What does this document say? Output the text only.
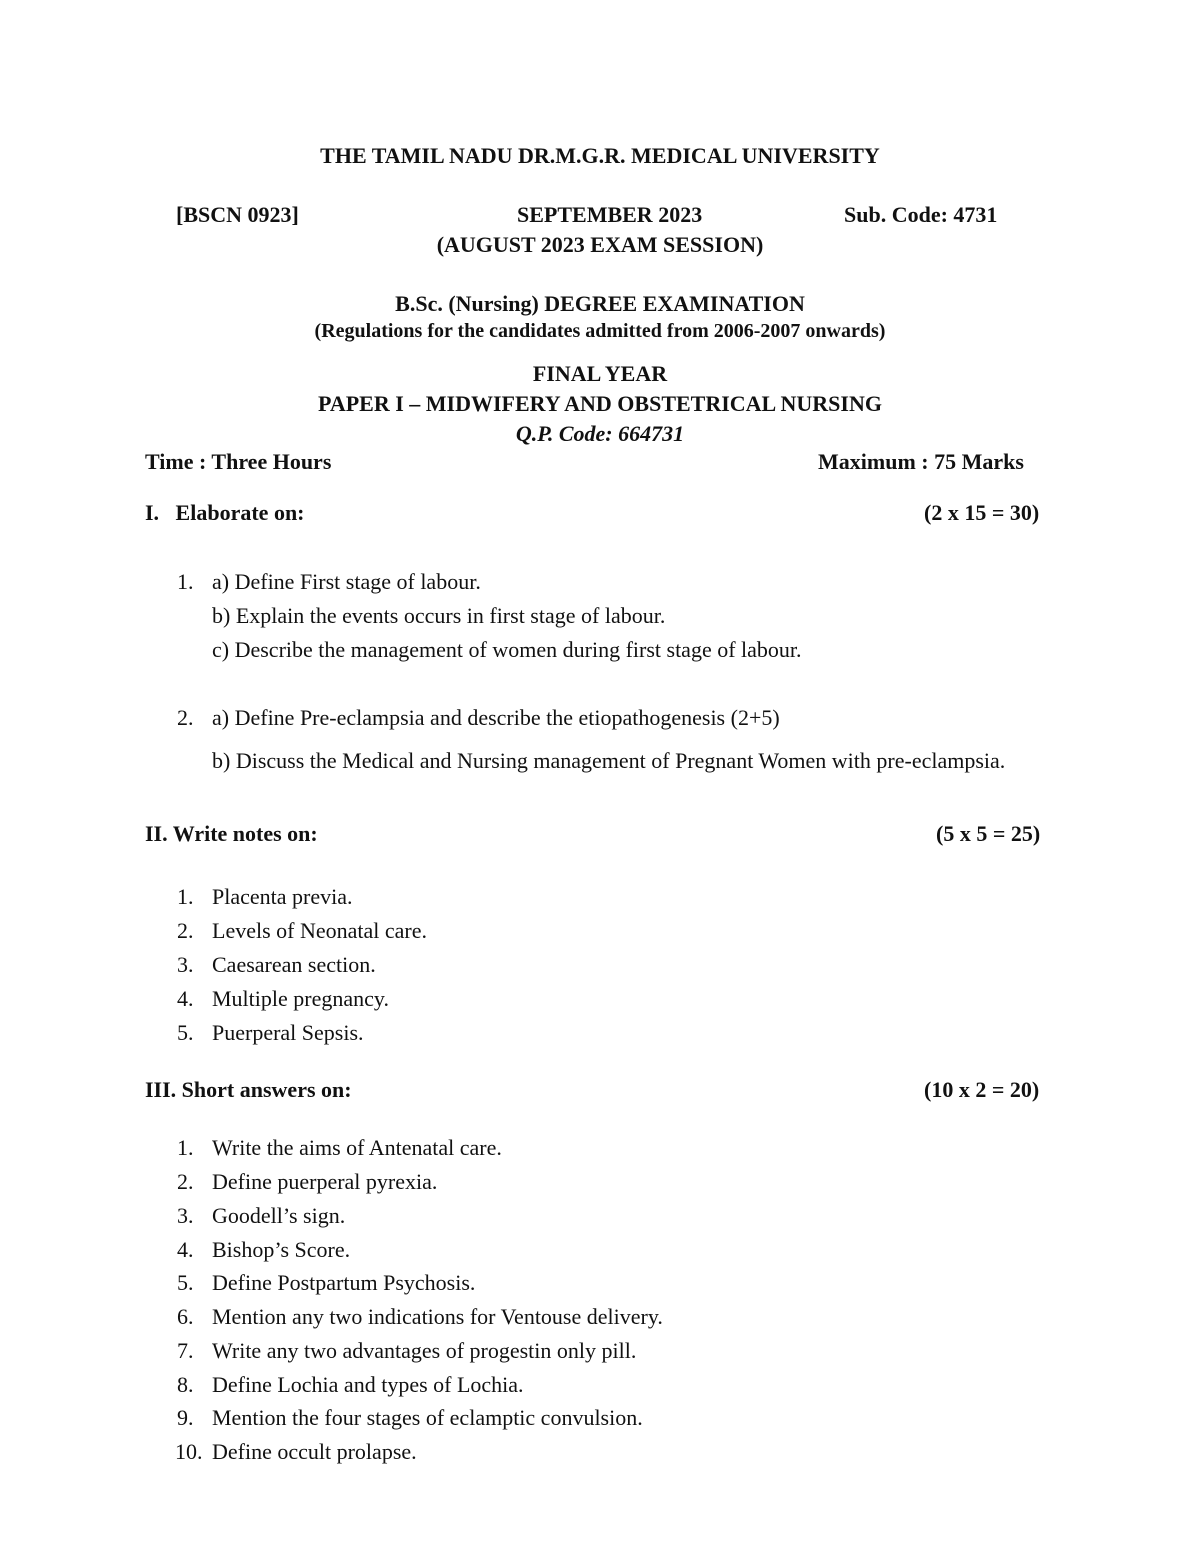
THE TAMIL NADU DR.M.G.R. MEDICAL UNIVERSITY
[BSCN 0923]	SEPTEMBER 2023	Sub. Code: 4731
(AUGUST 2023 EXAM SESSION)
B.Sc. (Nursing) DEGREE EXAMINATION
(Regulations for the candidates admitted from 2006-2007 onwards)
FINAL YEAR
PAPER I – MIDWIFERY AND OBSTETRICAL NURSING
Q.P. Code: 664731
Time : Three Hours	Maximum : 75 Marks
I.   Elaborate on:	(2 x 15 = 30)
1. a) Define First stage of labour.
b) Explain the events occurs in first stage of labour.
c) Describe the management of women during first stage of labour.
2. a) Define Pre-eclampsia and describe the etiopathogenesis (2+5)
b) Discuss the Medical and Nursing management of Pregnant Women with pre-eclampsia.
II. Write notes on:	(5 x 5 = 25)
1. Placenta previa.
2. Levels of Neonatal care.
3. Caesarean section.
4. Multiple pregnancy.
5. Puerperal Sepsis.
III. Short answers on:	(10 x 2 = 20)
1. Write the aims of Antenatal care.
2. Define puerperal pyrexia.
3. Goodell’s sign.
4. Bishop’s Score.
5. Define Postpartum Psychosis.
6. Mention any two indications for Ventouse delivery.
7. Write any two advantages of progestin only pill.
8. Define Lochia and types of Lochia.
9. Mention the four stages of eclamptic convulsion.
10. Define occult prolapse.
